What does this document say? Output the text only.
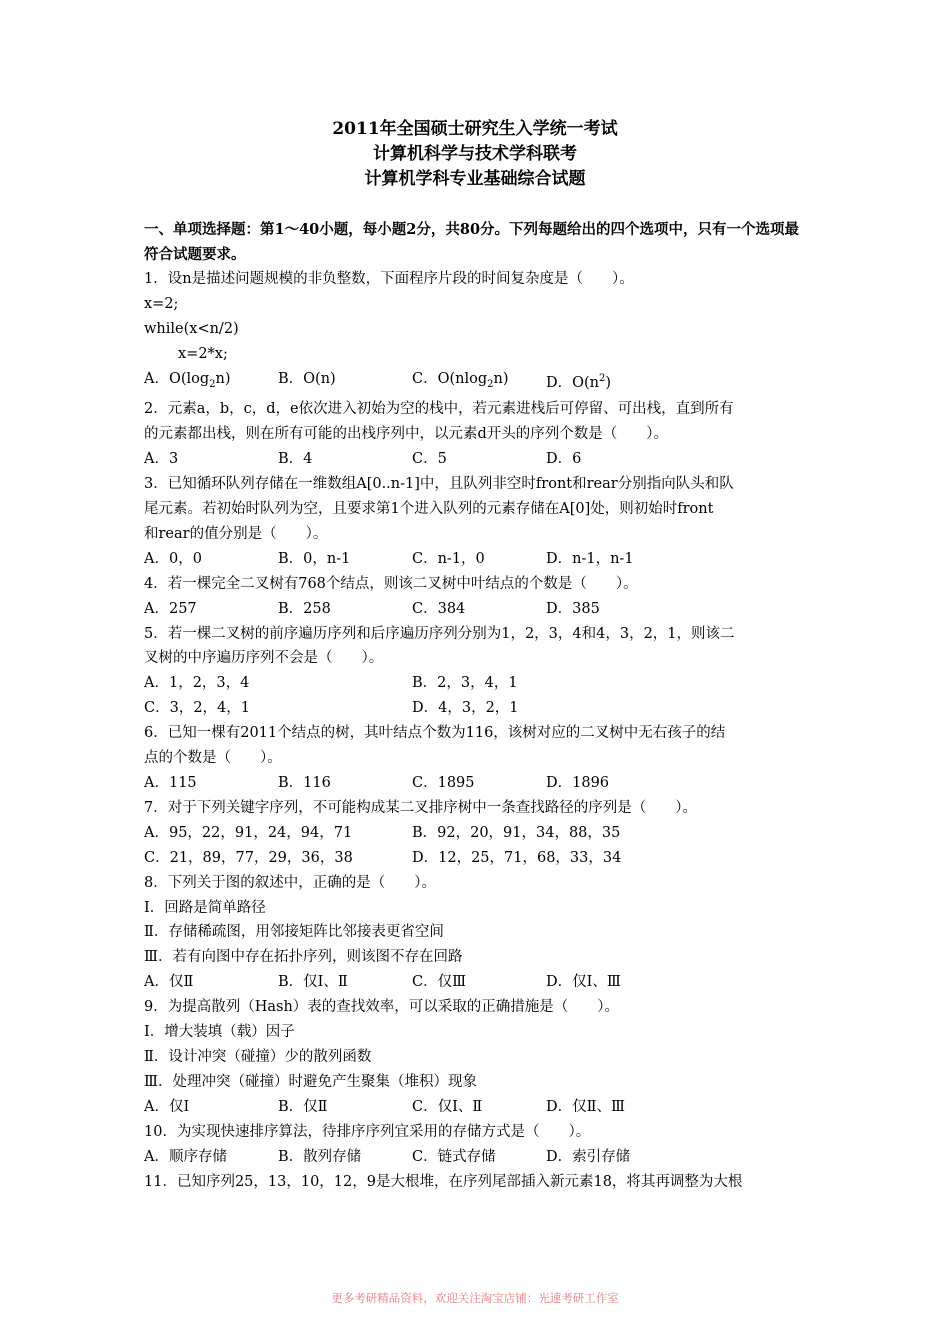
2011年全国硕士研究生入学统一考试
计算机科学与技术学科联考
计算机学科专业基础综合试题
一、单项选择题：第1～40小题，每小题2分，共80分。下列每题给出的四个选项中，只有一个选项最符合试题要求。
1．设n是描述问题规模的非负整数，下面程序片段的时间复杂度是（　　）。
x=2;
while(x<n/2)
x=2*x;
A．$O(\log_2n)$	B．O(n)	C．O(nlog$_2$n)	D．$O(n^2)$
2．元素a，b，c，d，e依次进入初始为空的栈中，若元素进栈后可停留、可出栈，直到所有
的元素都出栈，则在所有可能的出栈序列中，以元素d开头的序列个数是（　　）。
A．3	B．4	C．5	D．6
3．已知循环队列存储在一维数组A[0..n-1]中，且队列非空时front和rear分别指向队头和队
尾元素。若初始时队列为空，且要求第1个进入队列的元素存储在A[0]处，则初始时front
和rear的值分别是（　　）。
A．0，0	B．0，n-1	C．n-1，0	D．n-1，n-1
4．若一棵完全二叉树有768个结点，则该二叉树中叶结点的个数是（　　）。
A．257	B．258	C．384	D．385
5．若一棵二叉树的前序遍历序列和后序遍历序列分别为1，2，3，4和4，3，2，1，则该二
叉树的中序遍历序列不会是（　　）。
A．1，2，3，4	B．2，3，4，1
C．3，2，4，1	D．4，3，2，1
6．已知一棵有2011个结点的树，其叶结点个数为116，该树对应的二叉树中无右孩子的结
点的个数是（　　）。
A．115	B．116	C．1895	D．1896
7．对于下列关键字序列，不可能构成某二叉排序树中一条查找路径的序列是（　　）。
A．95，22，91，24，94，71	B．92，20，91，34，88，35
C．21，89，77，29，36，38	D．12，25，71，68，33，34
8．下列关于图的叙述中，正确的是（　　）。
Ⅰ．回路是简单路径
Ⅱ．存储稀疏图，用邻接矩阵比邻接表更省空间
Ⅲ．若有向图中存在拓扑序列，则该图不存在回路
A．仅Ⅱ	B．仅Ⅰ、Ⅱ	C．仅Ⅲ	D．仅Ⅰ、Ⅲ
9．为提高散列（Hash）表的查找效率，可以采取的正确措施是（　　）。
Ⅰ．增大装填（载）因子
Ⅱ．设计冲突（碰撞）少的散列函数
Ⅲ．处理冲突（碰撞）时避免产生聚集（堆积）现象
A．仅Ⅰ	B．仅Ⅱ	C．仅Ⅰ、Ⅱ	D．仅Ⅱ、Ⅲ
10．为实现快速排序算法，待排序序列宜采用的存储方式是（　　）。
A．顺序存储	B．散列存储	C．链式存储	D．索引存储
11．已知序列25，13，10，12，9是大根堆，在序列尾部插入新元素18，将其再调整为大根
更多考研精品资料，欢迎关注淘宝店铺：光速考研工作室
